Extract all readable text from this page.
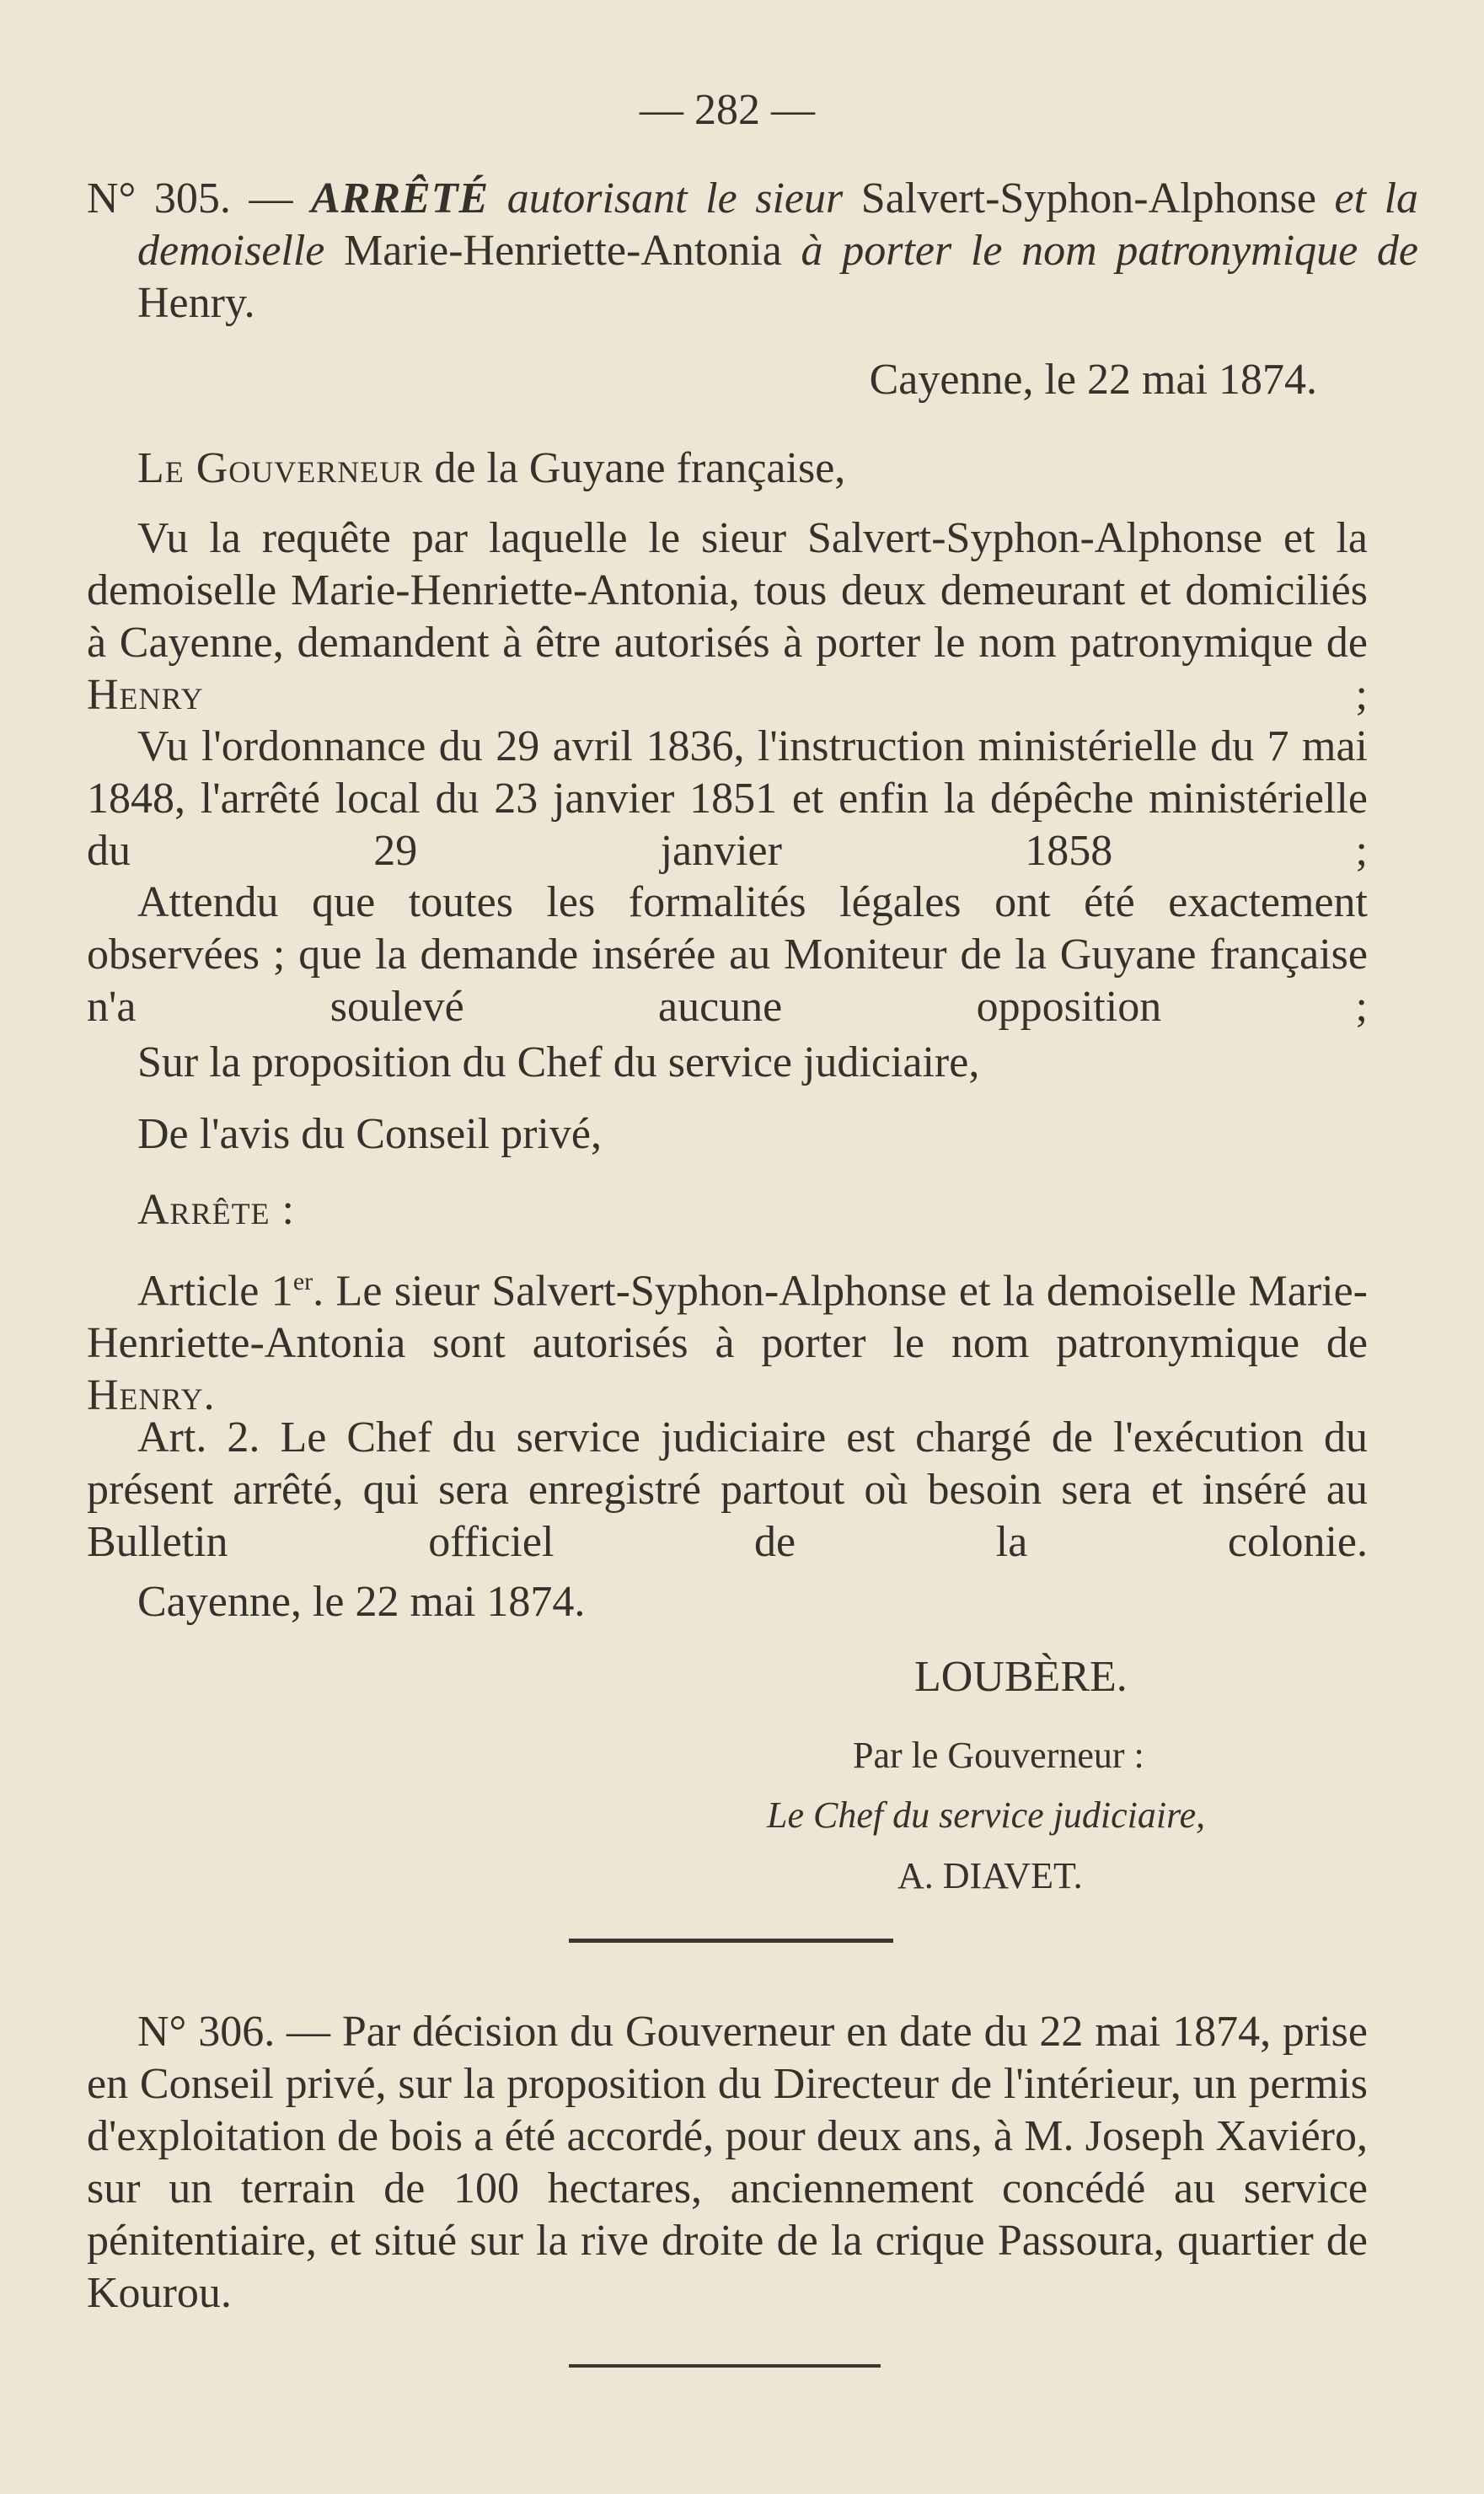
— 282 —
N° 305. — ARRÊTÉ autorisant le sieur Salvert-Syphon-Alphonse et la demoiselle Marie-Henriette-Antonia à porter le nom patronymique de Henry.
Cayenne, le 22 mai 1874.
Le Gouverneur de la Guyane française,
Vu la requête par laquelle le sieur Salvert-Syphon-Alphonse et la demoiselle Marie-Henriette-Antonia, tous deux demeurant et domiciliés à Cayenne, demandent à être autorisés à porter le nom patronymique de Henry	;
Vu l'ordonnance du 29 avril 1836, l'instruction ministérielle du 7 mai 1848, l'arrêté local du 23 janvier 1851 et enfin la dépêche ministérielle du 29 janvier 1858 ;
Attendu que toutes les formalités légales ont été exactement observées ; que la demande insérée au Moniteur de la Guyane française n'a soulevé aucune opposition ;
Sur la proposition du Chef du service judiciaire,
De l'avis du Conseil privé,
Arrête :
Article 1er. Le sieur Salvert-Syphon-Alphonse et la demoiselle Marie-Henriette-Antonia sont autorisés à porter le nom patronymique de Henry.
Art. 2. Le Chef du service judiciaire est chargé de l'exécution du présent arrêté, qui sera enregistré partout où besoin sera et inséré au Bulletin officiel de la colonie.
Cayenne, le 22 mai 1874.
LOUBÈRE.
Par le Gouverneur :
Le Chef du service judiciaire,
A. DIAVET.
N° 306. — Par décision du Gouverneur en date du 22 mai 1874, prise en Conseil privé, sur la proposition du Directeur de l'intérieur, un permis d'exploitation de bois a été accordé, pour deux ans, à M. Joseph Xaviéro, sur un terrain de 100 hectares, anciennement concédé au service pénitentiaire, et situé sur la rive droite de la crique Passoura, quartier de Kourou.
